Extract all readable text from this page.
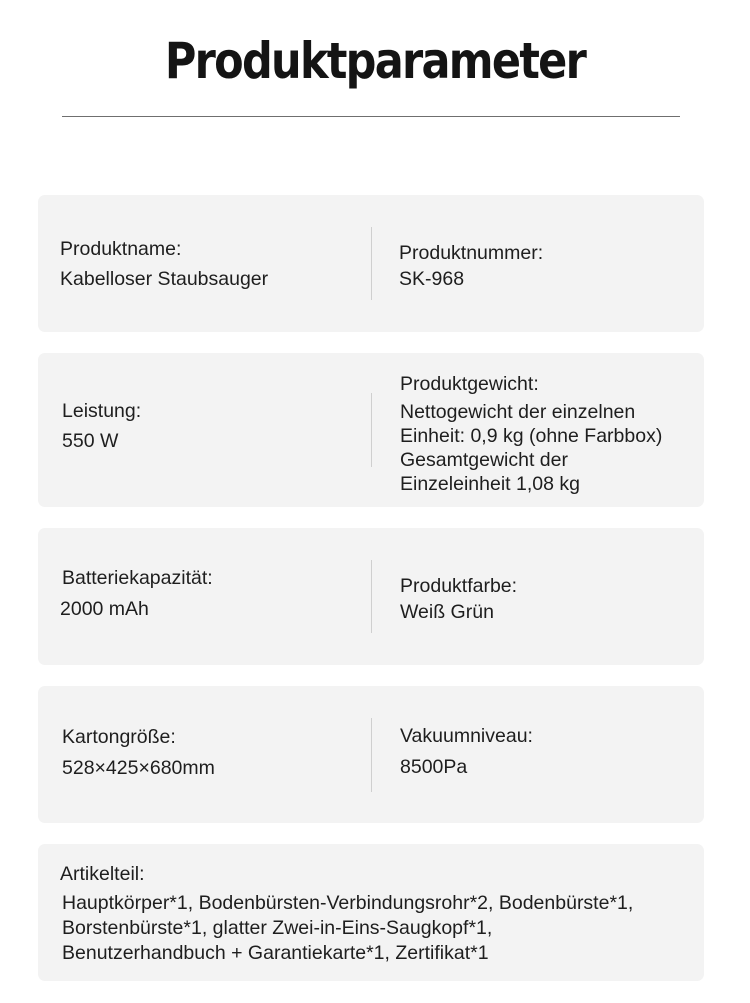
Produktparameter
Produktname:
Kabelloser Staubsauger
Produktnummer:
SK-968
Leistung:
550 W
Produktgewicht:
Nettogewicht der einzelnen
Einheit: 0,9 kg (ohne Farbbox)
Gesamtgewicht der
Einzeleinheit 1,08 kg
Batteriekapazität:
2000 mAh
Produktfarbe:
Weiß Grün
Kartongröße:
528×425×680mm
Vakuumniveau:
8500Pa
Artikelteil:
Hauptkörper*1, Bodenbürsten-Verbindungsrohr*2, Bodenbürste*1,
Borstenbürste*1, glatter Zwei-in-Eins-Saugkopf*1,
Benutzerhandbuch + Garantiekarte*1, Zertifikat*1
